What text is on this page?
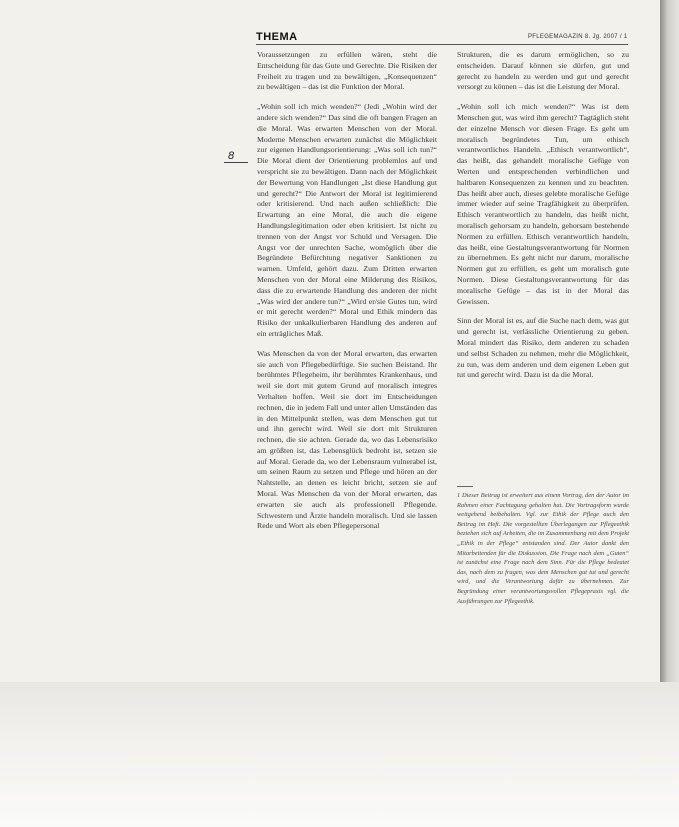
THEMA	PFLEGEMAGAZIN 8. Jg. 2007 / 1
8

Voraussetzungen zu erfüllen wären, steht die Entscheidung für das Gute und Gerechte. Die Risiken der Freiheit zu tragen und zu bewältigen, „Konsequenzen“ zu bewältigen – das ist die Funktion der Moral.

„Wohin soll ich mich wenden?“ (Jedi „Wohin wird der andere sich wenden?“ Das sind die oft bangen Fragen an die Moral. Was erwarten Menschen von der Moral. Moderne Menschen erwarten zunächst die Möglichkeit zur eigenen Handlungsorientierung: „Was soll ich tun?“ Die Moral dient der Orientierung problemlos auf und verspricht sie zu bewältigen. Dann nach der Möglichkeit der Bewertung von Handlungen „Ist diese Handlung gut und gerecht?“ Die Antwort der Moral ist legitimierend oder kritisierend. Und nach außen schließlich: Die Erwartung an eine Moral, die auch die eigene Handlungslegitimation oder eben kritisiert. Ist nicht zu trennen von der Angst vor Schuld und Versagen. Die Angst vor der unrechten Sache, womöglich über die Begründete Befürchtung negativer Sanktionen zu warnen. Umfeld, gehört dazu. Zum Dritten erwarten Menschen von der Moral eine Milderung des Risikos, dass die zu erwartende Handlung des anderen der nicht „Was wird der andere tun?“ „Wird er/sie Gutes tun, wird er mit gerecht werden?“ Moral und Ethik mindern das Risiko der unkalkulierbaren Handlung des anderen auf ein erträgliches Maß.

Was Menschen da von der Moral erwarten, das erwarten sie auch von Pflegebedürftige. Sie suchen Beistand. Ihr berühmtes Pflegeheim, ihr berühmtes Krankenhaus, und weil sie dort mit gutem Grund auf moralisch integres Verhalten hoffen. Weil sie dort im Entscheidungen rechnen, die in jedem Fall und unter allen Umständen das in den Mittelpunkt stellen, was dem Menschen gut tut und ihn gerecht wird. Weil sie dort mit Strukturen rechnen, die sie achten. Gerade da, wo das Lebensrisiko am größten ist, das Lebensglück bedroht ist, setzen sie auf Moral. Gerade da, wo der Lebensraum vulnerabel ist, um seinen Raum zu setzen und Pflege und hören an der Nahtstelle, an denen es leicht bricht, setzen sie auf Moral. Was Menschen da von der Moral erwarten, das erwarten sie auch als professionell Pflegende. Schwestern und Ärzte handeln moralisch. Und sie lassen Rede und Wort als eben Pflegepersonal

Strukturen, die es darum ermöglichen, so zu entscheiden. Darauf können sie dürfen, gut und gerecht zu handeln zu werden und gut und gerecht versorgt zu können – das ist die Leistung der Moral.

„Wohin soll ich mich wenden?“ Was ist dem Menschen gut, was wird ihm gerecht? Tagtäglich steht der einzelne Mensch vor diesen Frage. Es geht um moralisch begründetes Tun, um ethisch verantwortliches Handeln. „Ethisch verantwortlich“, das heißt, das gehandelt moralische Gefüge von Werten und entsprechenden verbindlichen und haltbaren Konsequenzen zu kennen und zu beachten. Das heißt aber auch, dieses gelebte moralische Gefüge immer wieder auf seine Tragfähigkeit zu überprüfen. Ethisch verantwortlich zu handeln, das heißt nicht, moralisch gehorsam zu handeln, gehorsam bestehende Normen zu erfüllen. Ethisch verantwortlich handeln, das heißt, eine Gestaltungsverantwortung für Normen zu übernehmen. Es geht nicht nur darum, moralische Normen gut zu erfüllen, es geht um moralisch gute Normen. Diese Gestaltungsverantwortung für das moralische Gefüge – das ist in der Moral das Gewissen.

Sinn der Moral ist es, auf die Suche nach dem, was gut und gerecht ist, verlässliche Orientierung zu geben. Moral mindert das Risiko, dem anderen zu schaden und selbst Schaden zu nehmen, mehr die Möglichkeit, zu tun, was dem anderen und dem eigenen Leben gut tut und gerecht wird. Dazu ist da die Moral.

1 Dieser Beitrag ist erweitert aus einem Vortrag, den der Autor im Rahmen einer Fachtagung gehalten hat. Die Vortragsform wurde weitgehend beibehalten. Vgl. zur Ethik der Pflege auch den Beitrag im Heft. Die vorgestellten Überlegungen zur Pflegeethik beziehen sich auf Arbeiten, die im Zusammenhang mit dem Projekt „Ethik in der Pflege“ entstanden sind. Der Autor dankt den Mitarbeitenden für die Diskussion. Die Frage nach dem „Guten“ ist zunächst eine Frage nach dem Sinn. Für die Pflege bedeutet das, nach dem zu fragen, was dem Menschen gut tut und gerecht wird, und die Verantwortung dafür zu übernehmen. Zur Begründung einer verantwortungsvollen Pflegepraxis vgl. die Ausführungen zur Pflegeethik.
